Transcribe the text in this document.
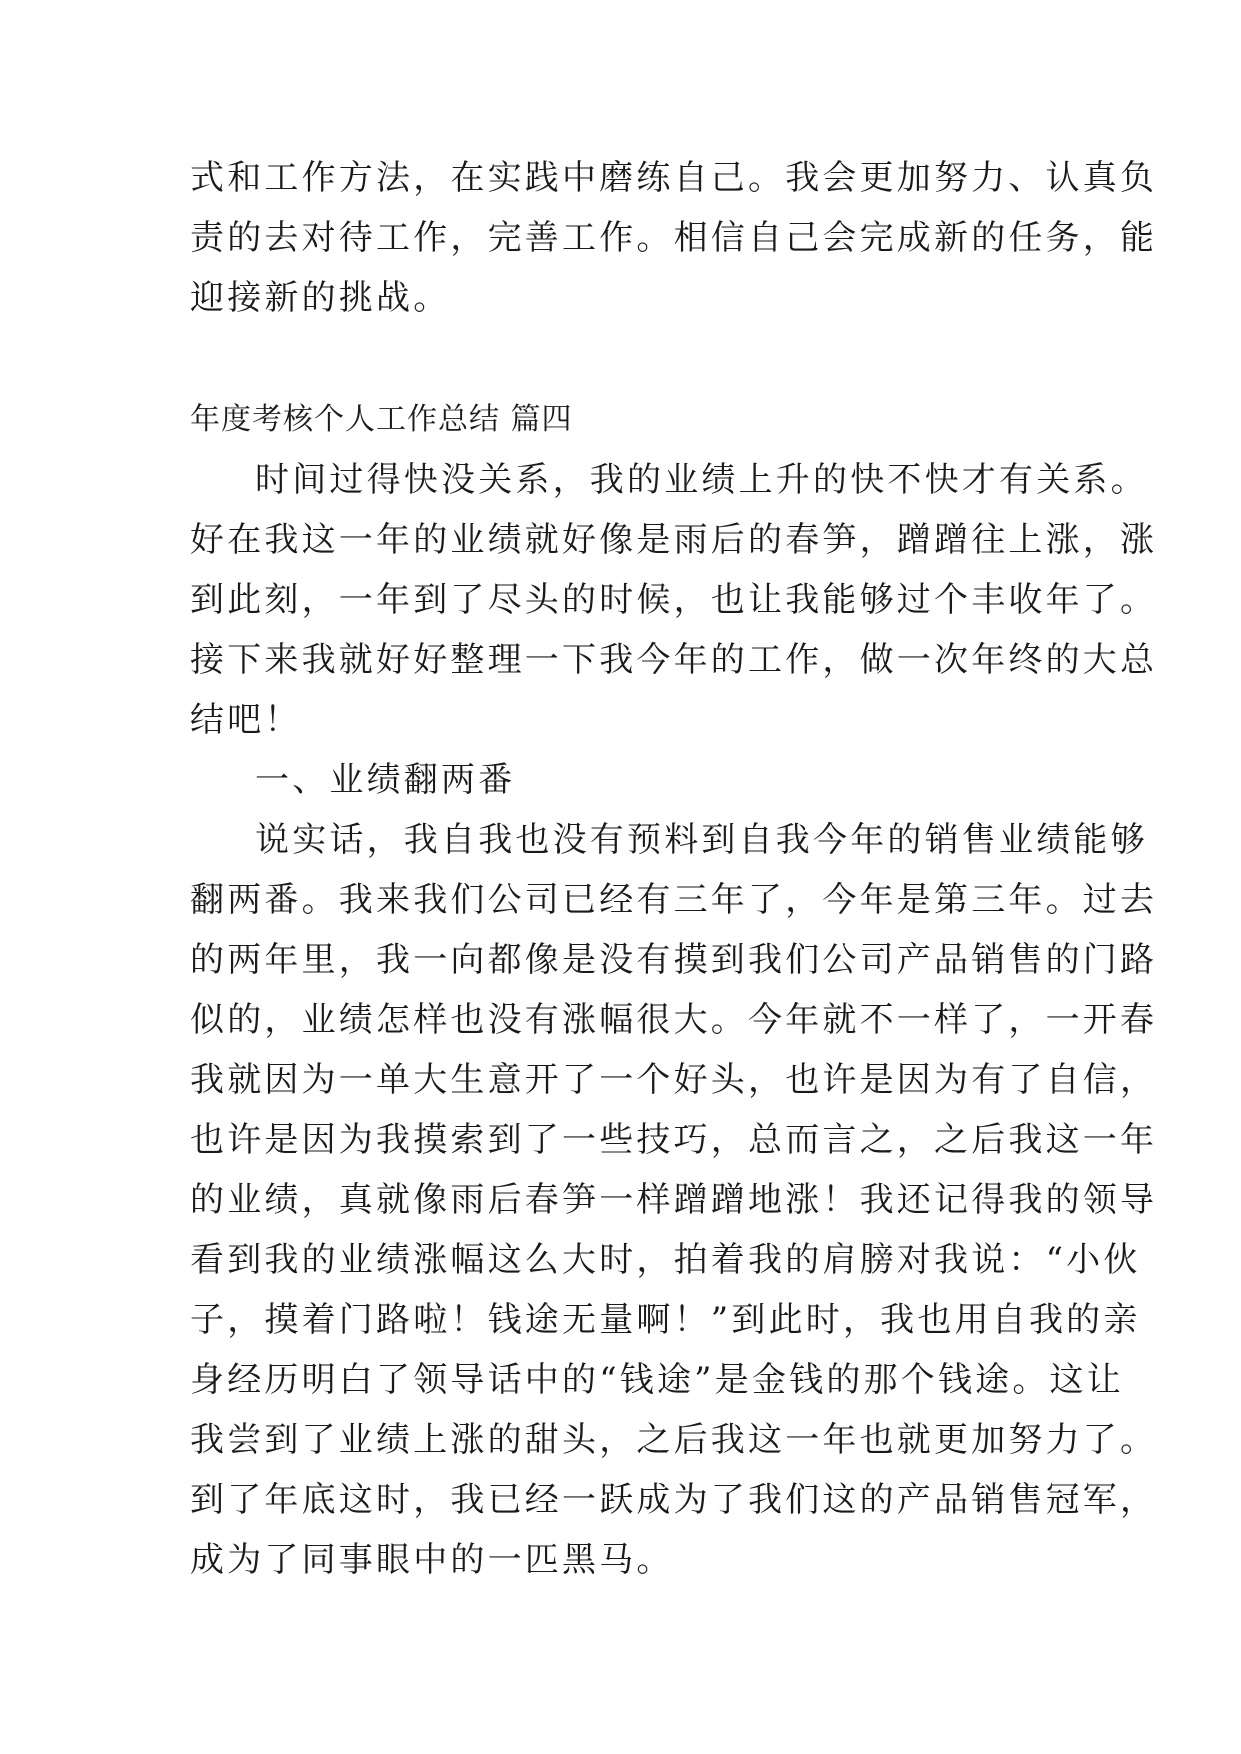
式和工作方法，在实践中磨练自己。我会更加努力、认真负
责的去对待工作，完善工作。相信自己会完成新的任务，能
迎接新的挑战。
年度考核个人工作总结 篇四
时间过得快没关系，我的业绩上升的快不快才有关系。
好在我这一年的业绩就好像是雨后的春笋，蹭蹭往上涨，涨
到此刻，一年到了尽头的时候，也让我能够过个丰收年了。
接下来我就好好整理一下我今年的工作，做一次年终的大总
结吧！
一、业绩翻两番
说实话，我自我也没有预料到自我今年的销售业绩能够
翻两番。我来我们公司已经有三年了，今年是第三年。过去
的两年里，我一向都像是没有摸到我们公司产品销售的门路
似的，业绩怎样也没有涨幅很大。今年就不一样了，一开春
我就因为一单大生意开了一个好头，也许是因为有了自信，
也许是因为我摸索到了一些技巧，总而言之，之后我这一年
的业绩，真就像雨后春笋一样蹭蹭地涨！我还记得我的领导
看到我的业绩涨幅这么大时，拍着我的肩膀对我说：“小伙
子，摸着门路啦！钱途无量啊！”到此时，我也用自我的亲
身经历明白了领导话中的“钱途”是金钱的那个钱途。这让
我尝到了业绩上涨的甜头，之后我这一年也就更加努力了。
到了年底这时，我已经一跃成为了我们这的产品销售冠军，
成为了同事眼中的一匹黑马。
